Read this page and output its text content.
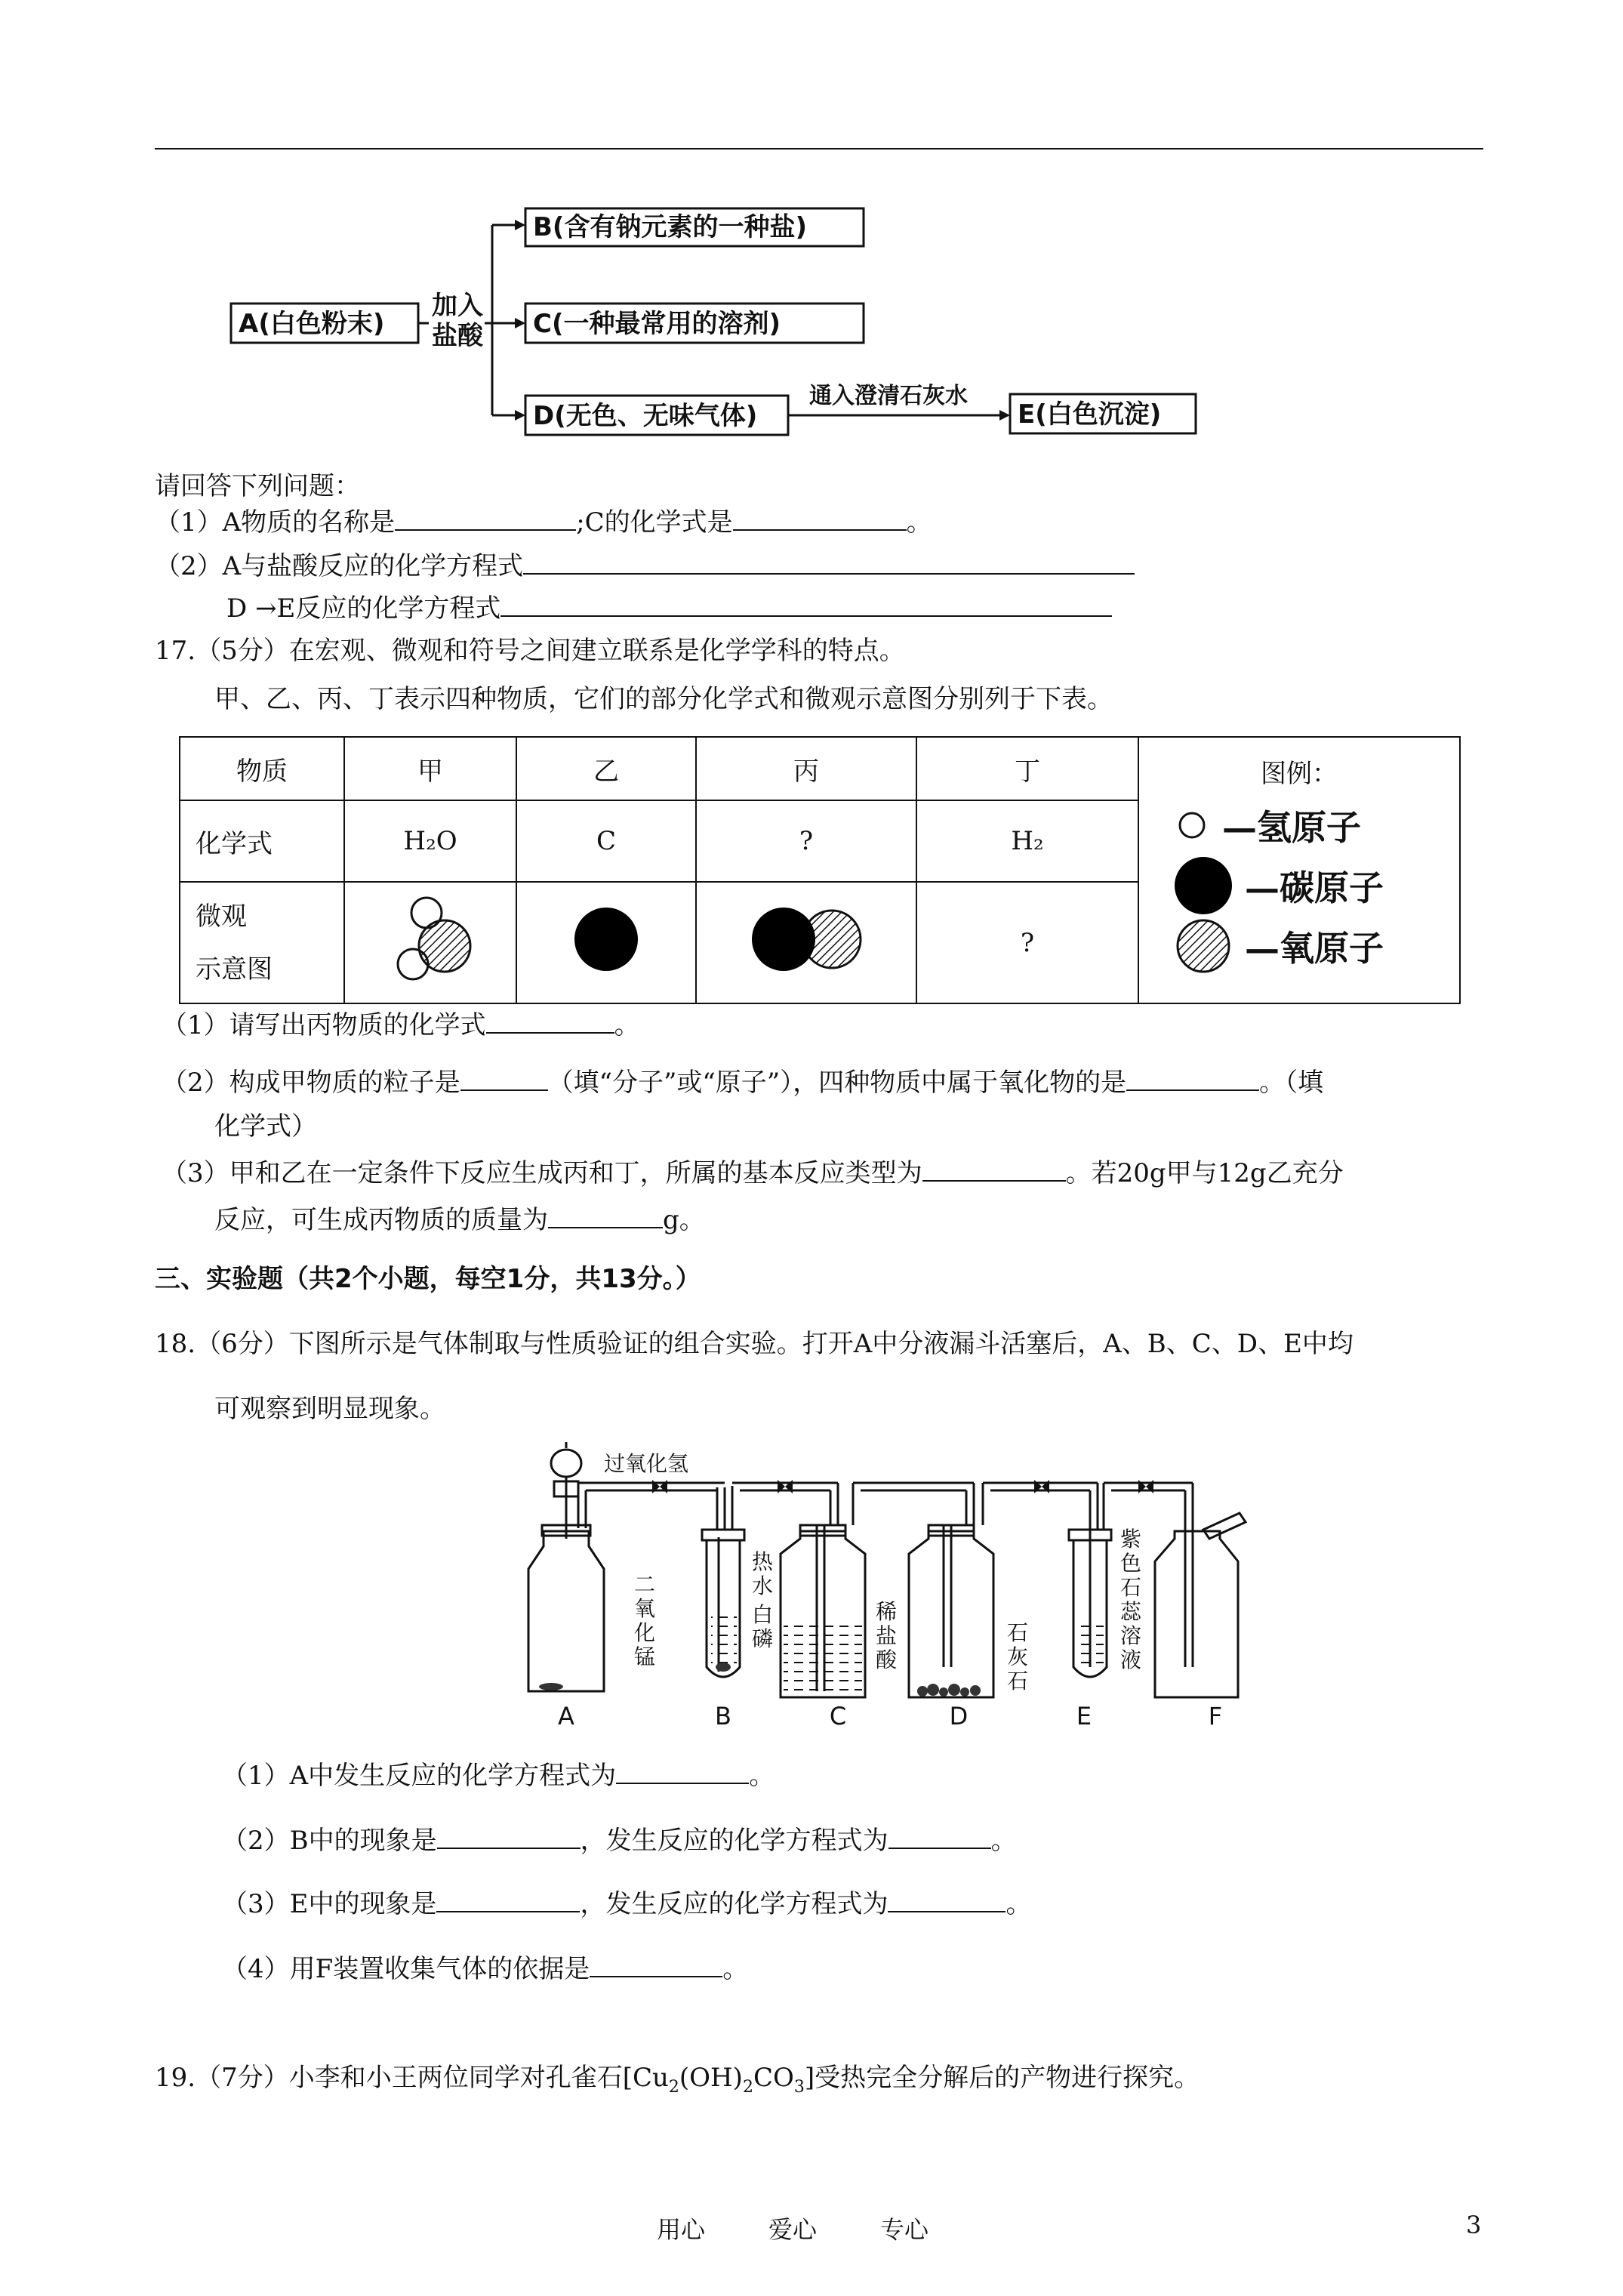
A(白色粉末)
加入
盐酸
B(含有钠元素的一种盐)
C(一种最常用的溶剂)
D(无色、无味气体)
通入澄清石灰水
E(白色沉淀)
请回答下列问题：
（1）A物质的名称是	;C的化学式是	。
（2）A与盐酸反应的化学方程式
D →E反应的化学方程式
17.（5分）在宏观、微观和符号之间建立联系是化学学科的特点。
甲、乙、丙、丁表示四种物质，它们的部分化学式和微观示意图分别列于下表。
物质	甲	乙	丙	丁	图例：
—氢原子
—碳原子
—氧原子

化学式	H₂O	C	?	H₂	

微观
示意图				?	
（1）请写出丙物质的化学式	。
（2）构成甲物质的粒子是	（填“分子”或“原子”），四种物质中属于氧化物的是	。（填
化学式）
（3）甲和乙在一定条件下反应生成丙和丁，所属的基本反应类型为	。若20g甲与12g乙充分
反应，可生成丙物质的质量为	g。
三、实验题（共2个小题，每空1分，共13分。）
18.（6分）下图所示是气体制取与性质验证的组合实验。打开A中分液漏斗活塞后，A、B、C、D、E中均
可观察到明显现象。
过氧化氢
二
氧
化
锰
热
水
白
磷
稀
盐
酸
石
灰
石
紫
色
石
蕊
溶
液
A	B	C	D	E	F
（1）A中发生反应的化学方程式为	。
（2）B中的现象是	，发生反应的化学方程式为	。
（3）E中的现象是	，发生反应的化学方程式为	。
（4）用F装置收集气体的依据是	。
19.（7分）小李和小王两位同学对孔雀石$[Cu_2(OH)_2CO_3]$受热完全分解后的产物进行探究。
用心	爱心	专心	3
